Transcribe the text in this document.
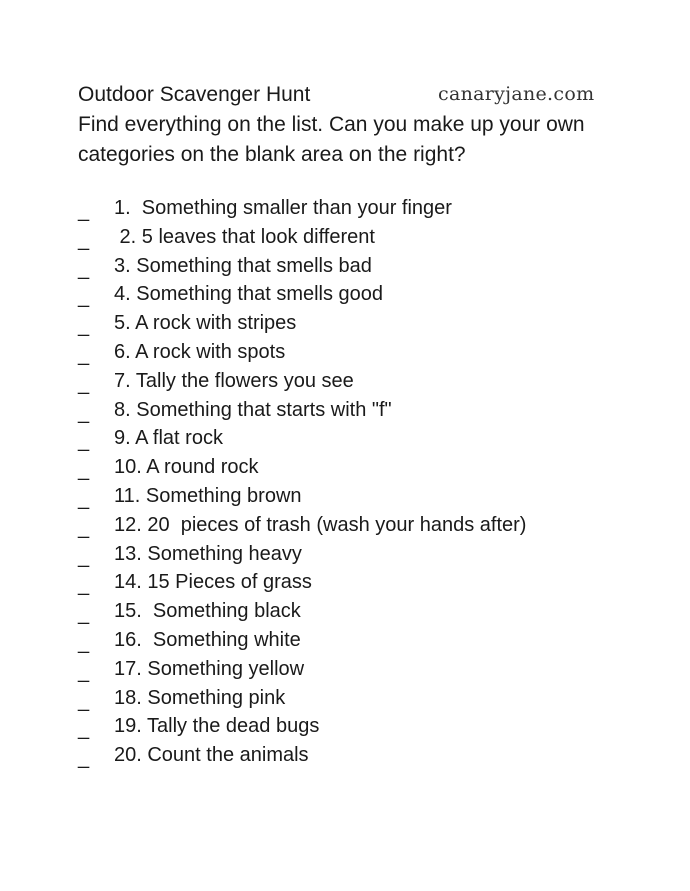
Outdoor Scavenger Hunt	canaryjane.com
Find everything on the list. Can you make up your own categories on the blank area on the right?
_ 1.  Something smaller than your finger
_ 2. 5 leaves that look different
_ 3. Something that smells bad
_ 4. Something that smells good
_ 5. A rock with stripes
_ 6. A rock with spots
_ 7. Tally the flowers you see
_ 8. Something that starts with "f"
_ 9. A flat rock
_ 10. A round rock
_ 11. Something brown
_ 12. 20  pieces of trash (wash your hands after)
_ 13. Something heavy
_ 14. 15 Pieces of grass
_ 15.  Something black
_ 16.  Something white
_ 17. Something yellow
_ 18. Something pink
_ 19. Tally the dead bugs
_ 20. Count the animals
